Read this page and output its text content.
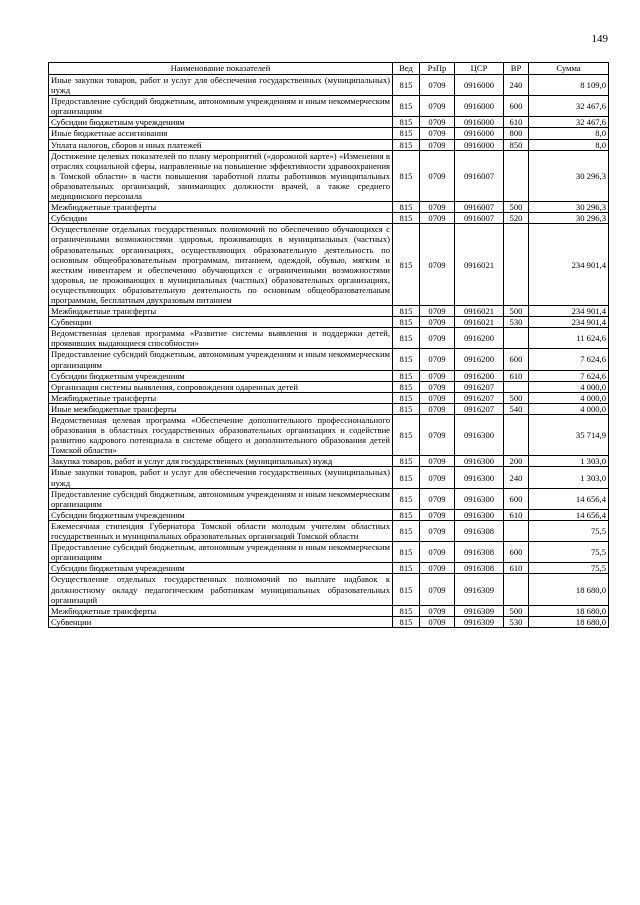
149
Наименование показателей	Вед	РзПр	ЦСР	ВР	Сумма
Иные закупки товаров, работ и услуг для обеспечения государственных (муниципальных) нужд	815	0709	0916000	240	8 109,0
Предоставление субсидий бюджетным, автономным учреждениям и иным некоммерческим организациям	815	0709	0916000	600	32 467,6
Субсидии бюджетным учреждениям	815	0709	0916000	610	32 467,6
Иные бюджетные ассигнования	815	0709	0916000	800	8,0
Уплата налогов, сборов и иных платежей	815	0709	0916000	850	8,0
Достижение целевых показателей по плану мероприятий («дорожной карте») «Изменения в отраслях социальной сферы, направленные на повышение эффективности здравоохранения в Томской области» в части повышения заработной платы работников муниципальных образовательных организаций, занимающих должности врачей, а также среднего медицинского персонала	815	0709	0916007		30 296,3
Межбюджетные трансферты	815	0709	0916007	500	30 296,3
Субсидии	815	0709	0916007	520	30 296,3
Осуществление отдельных государственных полномочий по обеспечению обучающихся с ограниченными возможностями здоровья, проживающих в муниципальных (частных) образовательных организациях, осуществляющих образовательную деятельность по основным общеобразовательным программам, питанием, одеждой, обувью, мягким и жестким инвентарем и обеспечению обучающихся с ограниченными возможностями здоровья, не проживающих в муниципальных (частных) образовательных организациях, осуществляющих образовательную деятельность по основным общеобразовательным программам, бесплатным двухразовым питанием	815	0709	0916021		234 901,4
Межбюджетные трансферты	815	0709	0916021	500	234 901,4
Субвенции	815	0709	0916021	530	234 901,4
Ведомственная целевая программа «Развитие системы выявления и поддержки детей, проявивших выдающиеся способности»	815	0709	0916200		11 624,6
Предоставление субсидий бюджетным, автономным учреждениям и иным некоммерческим организациям	815	0709	0916200	600	7 624,6
Субсидии бюджетным учреждениям	815	0709	0916200	610	7 624,6
Организация системы выявления, сопровождения одаренных детей	815	0709	0916207		4 000,0
Межбюджетные трансферты	815	0709	0916207	500	4 000,0
Иные межбюджетные трансферты	815	0709	0916207	540	4 000,0
Ведомственная целевая программа «Обеспечение дополнительного профессионального образования в областных государственных образовательных организациях и содействие развитию кадрового потенциала в системе общего и дополнительного образования детей Томской области»	815	0709	0916300		35 714,9
Закупка товаров, работ и услуг для государственных (муниципальных) нужд	815	0709	0916300	200	1 303,0
Иные закупки товаров, работ и услуг для обеспечения государственных (муниципальных) нужд	815	0709	0916300	240	1 303,0
Предоставление субсидий бюджетным, автономным учреждениям и иным некоммерческим организациям	815	0709	0916300	600	14 656,4
Субсидии бюджетным учреждениям	815	0709	0916300	610	14 656,4
Ежемесячная стипендия Губернатора Томской области молодым учителям областных государственных и муниципальных образовательных организаций Томской области	815	0709	0916308		75,5
Предоставление субсидий бюджетным, автономным учреждениям и иным некоммерческим организациям	815	0709	0916308	600	75,5
Субсидии бюджетным учреждениям	815	0709	0916308	610	75,5
Осуществление отдельных государственных полномочий по выплате надбавок к должностному окладу педагогическим работникам муниципальных образовательных организаций	815	0709	0916309		18 680,0
Межбюджетные трансферты	815	0709	0916309	500	18 680,0
Субвенции	815	0709	0916309	530	18 680,0
